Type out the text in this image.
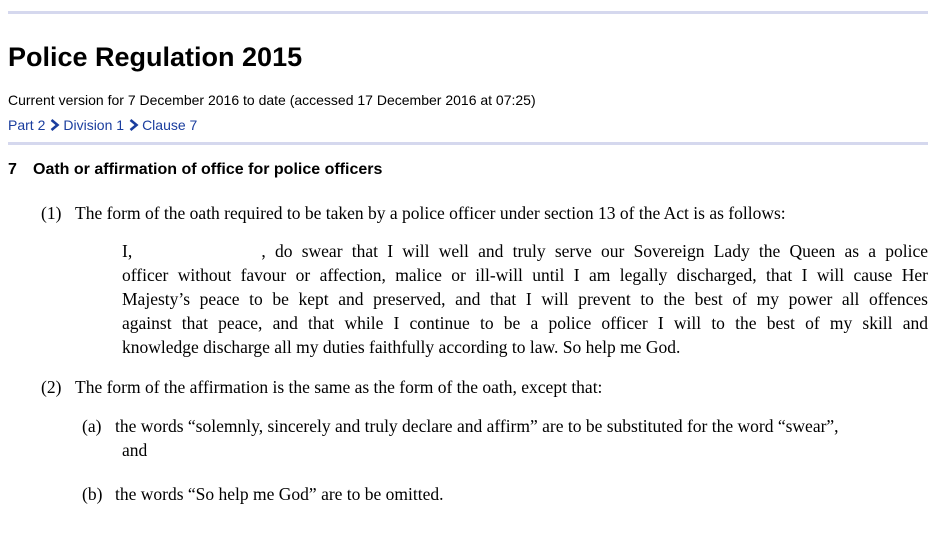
Police Regulation 2015
Current version for 7 December 2016 to date (accessed 17 December 2016 at 07:25)
Part 2 Division 1 Clause 7
7 Oath or affirmation of office for police officers
(1) The form of the oath required to be taken by a police officer under section 13 of the Act is as follows:
I,              , do swear that I will well and truly serve our Sovereign Lady the Queen as a police
officer without favour or affection, malice or ill-will until I am legally discharged, that I will cause Her
Majesty’s peace to be kept and preserved, and that I will prevent to the best of my power all offences
against that peace, and that while I continue to be a police officer I will to the best of my skill and
knowledge discharge all my duties faithfully according to law. So help me God.
(2) The form of the affirmation is the same as the form of the oath, except that:
(a) the words “solemnly, sincerely and truly declare and affirm” are to be substituted for the word “swear”,
and
(b) the words “So help me God” are to be omitted.
